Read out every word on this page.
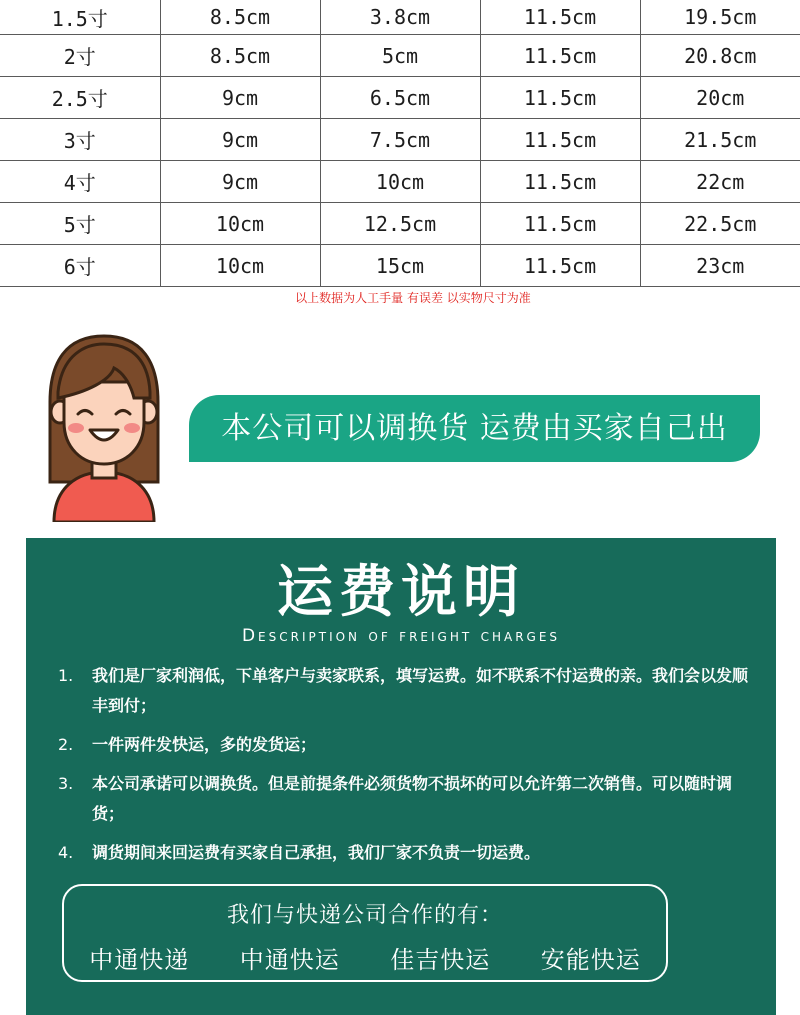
1.5寸	8.5cm	3.8cm	11.5cm	19.5cm
2寸	8.5cm	5cm	11.5cm	20.8cm
2.5寸	9cm	6.5cm	11.5cm	20cm
3寸	9cm	7.5cm	11.5cm	21.5cm
4寸	9cm	10cm	11.5cm	22cm
5寸	10cm	12.5cm	11.5cm	22.5cm
6寸	10cm	15cm	11.5cm	23cm
以上数据为人工手量 有误差 以实物尺寸为准
本公司可以调换货 运费由买家自己出
运费说明
Description of freight charges
1.	我们是厂家利润低，下单客户与卖家联系，填写运费。如不联系不付运费的亲。我们会以发顺丰到付；
2.	一件两件发快运，多的发货运；
3.	本公司承诺可以调换货。但是前提条件必须货物不损坏的可以允许第二次销售。可以随时调货；
4.	调货期间来回运费有买家自己承担，我们厂家不负责一切运费。
我们与快递公司合作的有：
中通快递 中通快运 佳吉快运 安能快运
